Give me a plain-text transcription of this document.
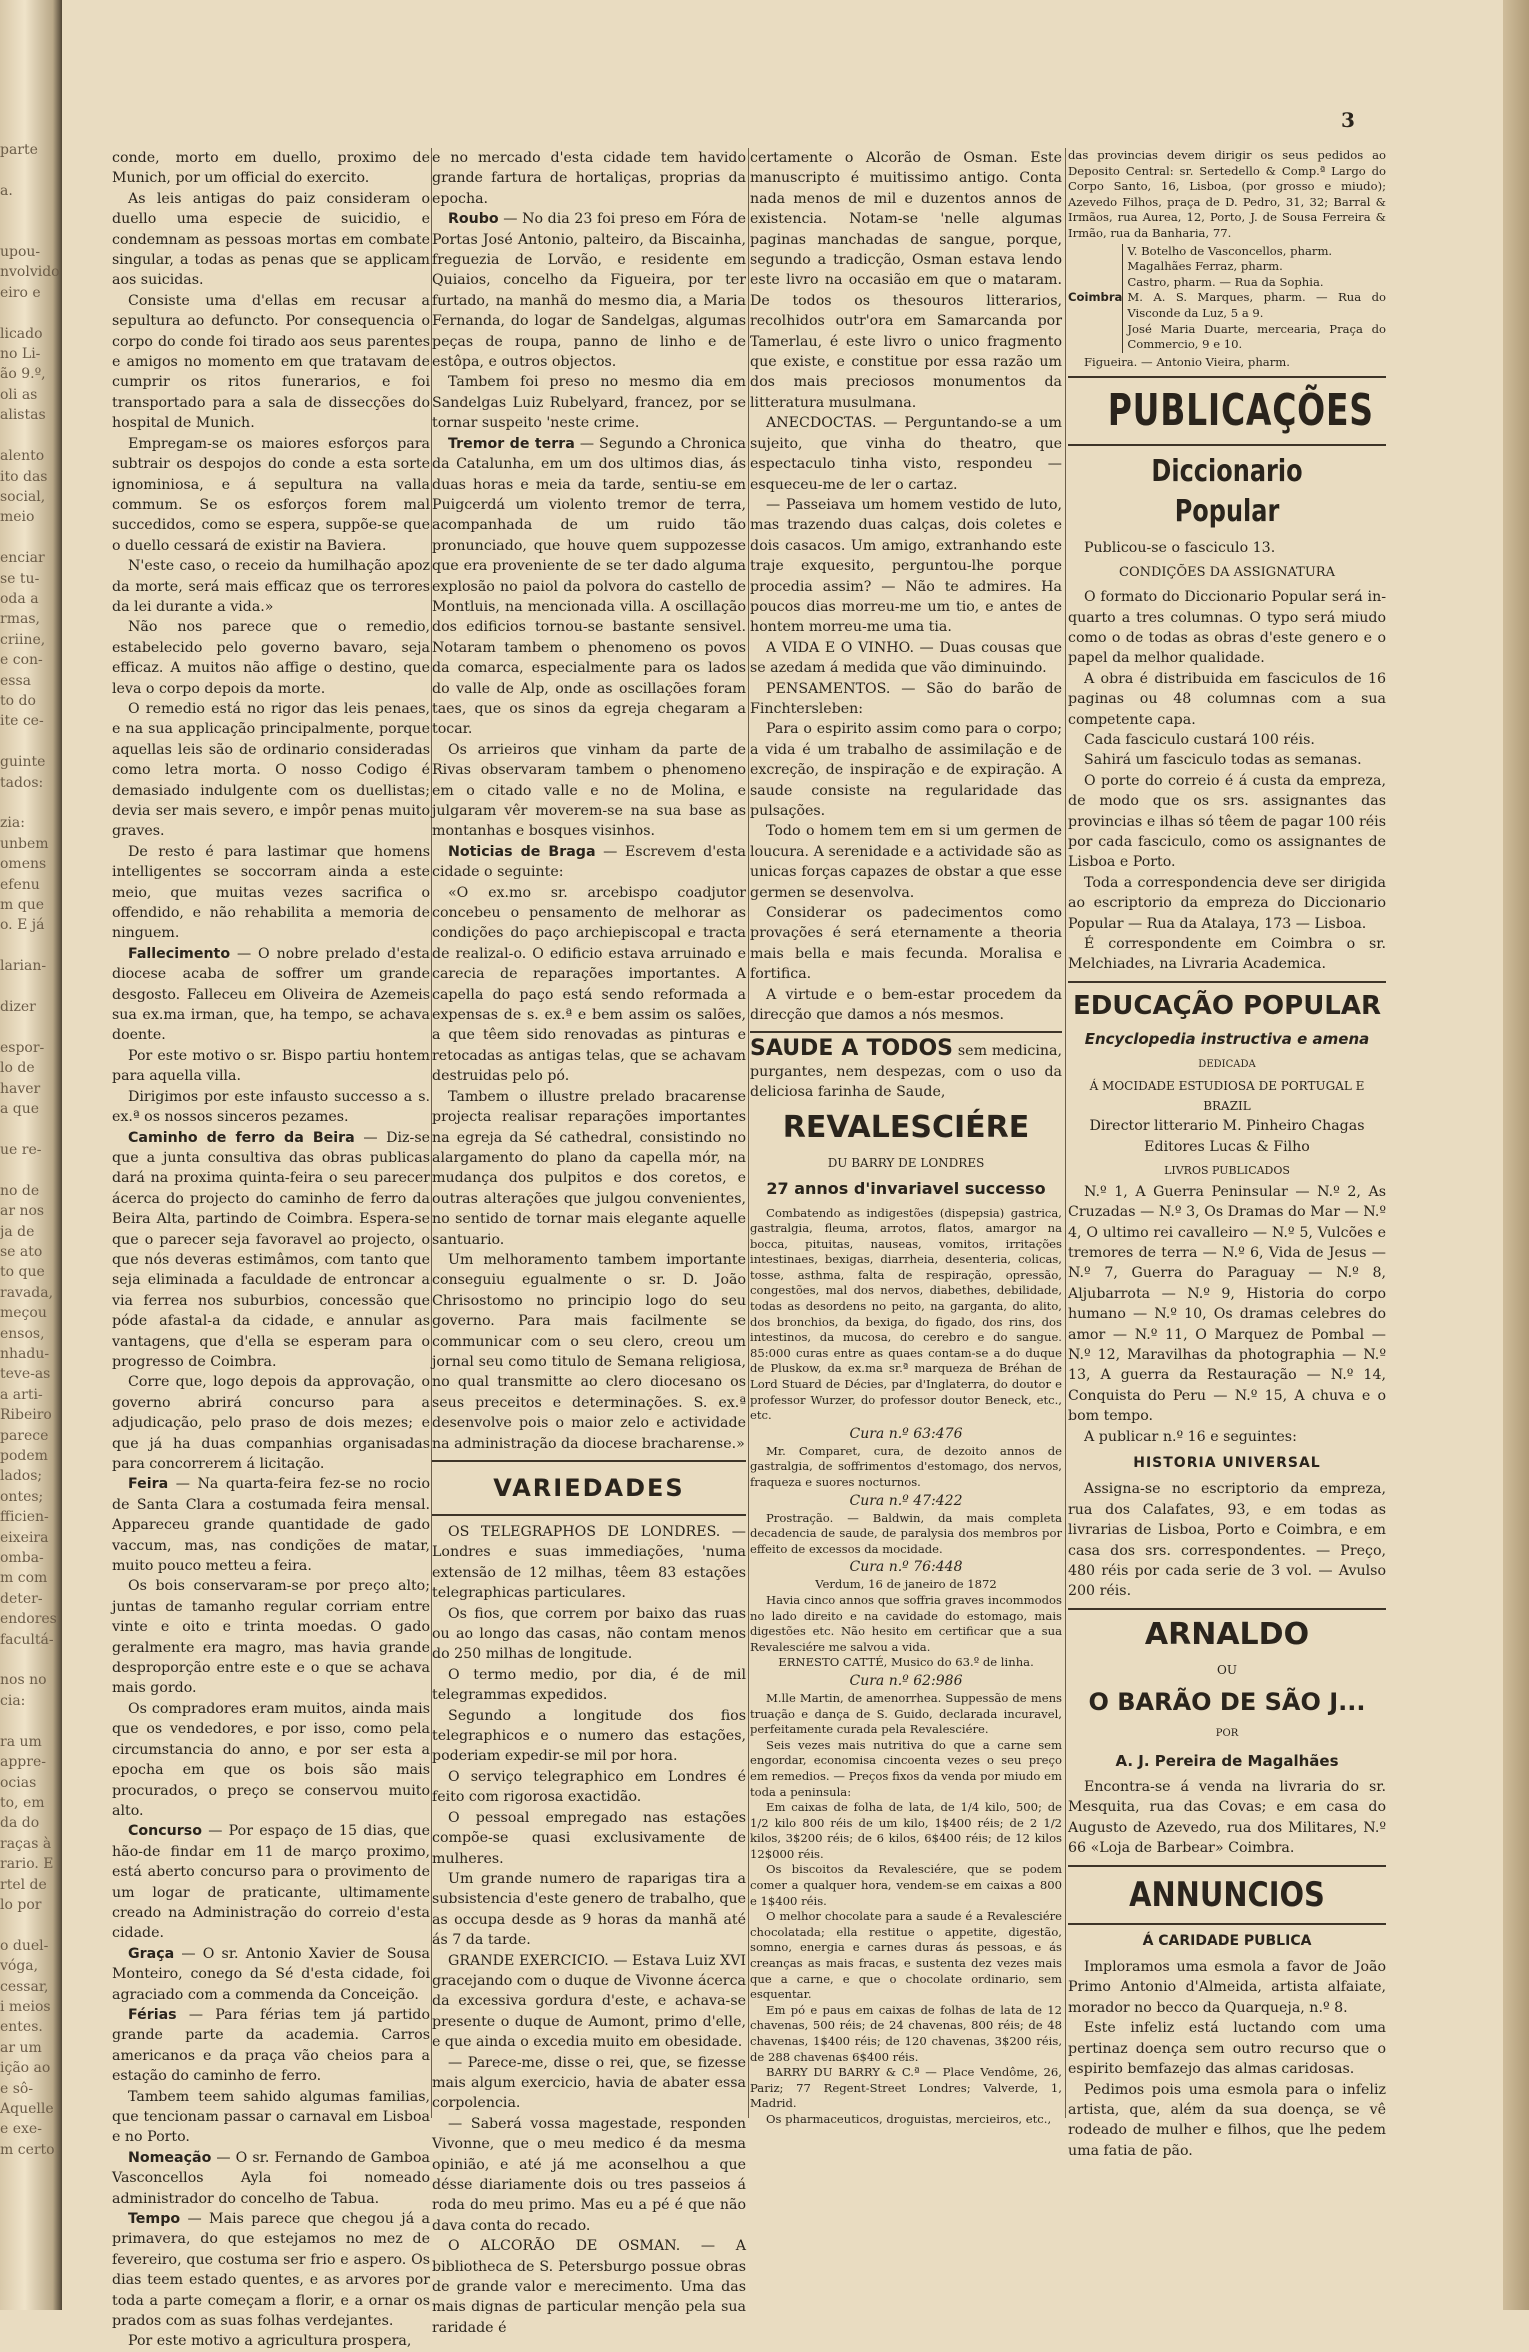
parte

a.

upou-
nvolvido
eiro e

licado
no Li-
ão 9.º,
oli as
alistas

alento
ito das
social,
meio

enciar
se tu-
oda a
rmas,
criine,
e con-
essa
to do
ite ce-

guinte
tados:

zia:
unbem
omens
efenu
m que
o. E já

larian-

dizer

espor-
lo de
haver
a que

ue re-

no de
ar nos
ja de
se ato
to que
ravada,
meçou
ensos,
nhadu-
teve-as
a arti-
Ribeiro
parece
podem
lados;
ontes;
fficien-
eixeira
omba-
m com
deter-
endores
facultá-

nos no
cia:

ra um
appre-
ocias
to, em
da do
raças à
rario. E
rtel de
lo por

o duel-
vóga,
cessar,
i meios
entes.
ar um
ição ao
e sô-
Aquelle
e exe-
m certo
3

conde, morto em duello, proximo de Munich, por um official do exercito.

As leis antigas do paiz consideram o duello uma especie de suicidio, e condemnam as pessoas mortas em combate singular, a todas as penas que se applicam aos suicidas.

Consiste uma d'ellas em recusar a sepultura ao defuncto. Por consequencia o corpo do conde foi tirado aos seus parentes e amigos no momento em que tratavam de cumprir os ritos funerarios, e foi transportado para a sala de dissecções do hospital de Munich.

Empregam-se os maiores esforços para subtrair os despojos do conde a esta sorte ignominiosa, e á sepultura na valla commum. Se os esforços forem mal succedidos, como se espera, suppõe-se que o duello cessará de existir na Baviera.

N'este caso, o receio da humilhação apoz da morte, será mais efficaz que os terrores da lei durante a vida.»

Não nos parece que o remedio, estabelecido pelo governo bavaro, seja efficaz. A muitos não affige o destino, que leva o corpo depois da morte.

O remedio está no rigor das leis penaes, e na sua applicação principalmente, porque aquellas leis são de ordinario consideradas como letra morta. O nosso Codigo é demasiado indulgente com os duellistas; devia ser mais severo, e impôr penas muito graves.

De resto é para lastimar que homens intelligentes se soccorram ainda a este meio, que muitas vezes sacrifica o offendido, e não rehabilita a memoria de ninguem.

Fallecimento — O nobre prelado d'esta diocese acaba de soffrer um grande desgosto. Falleceu em Oliveira de Azemeis sua ex.ma irman, que, ha tempo, se achava doente.

Por este motivo o sr. Bispo partiu hontem para aquella villa.

Dirigimos por este infausto successo a s. ex.ª os nossos sinceros pezames.

Caminho de ferro da Beira — Diz-se que a junta consultiva das obras publicas dará na proxima quinta-feira o seu parecer ácerca do projecto do caminho de ferro da Beira Alta, partindo de Coimbra. Espera-se que o parecer seja favoravel ao projecto, o que nós deveras estimâmos, com tanto que seja eliminada a faculdade de entroncar a via ferrea nos suburbios, concessão que póde afastal-a da cidade, e annular as vantagens, que d'ella se esperam para o progresso de Coimbra.

Corre que, logo depois da approvação, o governo abrirá concurso para a adjudicação, pelo praso de dois mezes; e que já ha duas companhias organisadas para concorrerem á licitação.

Feira — Na quarta-feira fez-se no rocio de Santa Clara a costumada feira mensal. Appareceu grande quantidade de gado vaccum, mas, nas condições de matar, muito pouco metteu a feira.

Os bois conservaram-se por preço alto; juntas de tamanho regular corriam entre vinte e oito e trinta moedas. O gado geralmente era magro, mas havia grande desproporção entre este e o que se achava mais gordo.

Os compradores eram muitos, ainda mais que os vendedores, e por isso, como pela circumstancia do anno, e por ser esta a epocha em que os bois são mais procurados, o preço se conservou muito alto.

Concurso — Por espaço de 15 dias, que hão-de findar em 11 de março proximo, está aberto concurso para o provimento de um logar de praticante, ultimamente creado na Administração do correio d'esta cidade.

Graça — O sr. Antonio Xavier de Sousa Monteiro, conego da Sé d'esta cidade, foi agraciado com a commenda da Conceição.

Férias — Para férias tem já partido grande parte da academia. Carros americanos e da praça vão cheios para a estação do caminho de ferro.

Tambem teem sahido algumas familias, que tencionam passar o carnaval em Lisboa e no Porto.

Nomeação — O sr. Fernando de Gamboa Vasconcellos Ayla foi nomeado administrador do concelho de Tabua.

Tempo — Mais parece que chegou já a primavera, do que estejamos no mez de fevereiro, que costuma ser frio e aspero. Os dias teem estado quentes, e as arvores por toda a parte começam a florir, e a ornar os prados com as suas folhas verdejantes.

Por este motivo a agricultura prospera,

e no mercado d'esta cidade tem havido grande fartura de hortaliças, proprias da epocha.

Roubo — No dia 23 foi preso em Fóra de Portas José Antonio, palteiro, da Biscainha, freguezia de Lorvão, e residente em Quiaios, concelho da Figueira, por ter furtado, na manhã do mesmo dia, a Maria Fernanda, do logar de Sandelgas, algumas peças de roupa, panno de linho e de estôpa, e outros objectos.

Tambem foi preso no mesmo dia em Sandelgas Luiz Rubelyard, francez, por se tornar suspeito 'neste crime.

Tremor de terra — Segundo a Chronica da Catalunha, em um dos ultimos dias, ás duas horas e meia da tarde, sentiu-se em Puigcerdá um violento tremor de terra, acompanhada de um ruido tão pronunciado, que houve quem suppozesse que era proveniente de se ter dado alguma explosão no paiol da polvora do castello de Montluis, na mencionada villa. A oscillação dos edificios tornou-se bastante sensivel. Notaram tambem o phenomeno os povos da comarca, especialmente para os lados do valle de Alp, onde as oscillações foram taes, que os sinos da egreja chegaram a tocar.

Os arrieiros que vinham da parte de Rivas observaram tambem o phenomeno em o citado valle e no de Molina, e julgaram vêr moverem-se na sua base as montanhas e bosques visinhos.

Noticias de Braga — Escrevem d'esta cidade o seguinte:

«O ex.mo sr. arcebispo coadjutor concebeu o pensamento de melhorar as condições do paço archiepiscopal e tracta de realizal-o. O edificio estava arruinado e carecia de reparações importantes. A capella do paço está sendo reformada a expensas de s. ex.ª e bem assim os salões, a que têem sido renovadas as pinturas e retocadas as antigas telas, que se achavam destruidas pelo pó.

Tambem o illustre prelado bracarense projecta realisar reparações importantes na egreja da Sé cathedral, consistindo no alargamento do plano da capella mór, na mudança dos pulpitos e dos coretos, e outras alterações que julgou convenientes, no sentido de tornar mais elegante aquelle santuario.

Um melhoramento tambem importante conseguiu egualmente o sr. D. João Chrisostomo no principio logo do seu governo. Para mais facilmente se communicar com o seu clero, creou um jornal seu como titulo de Semana religiosa, no qual transmitte ao clero diocesano os seus preceitos e determinações. S. ex.ª desenvolve pois o maior zelo e actividade na administração da diocese bracharense.»

VARIEDADES

OS TELEGRAPHOS DE LONDRES. — Londres e suas immediações, 'numa extensão de 12 milhas, têem 83 estações telegraphicas particulares.

Os fios, que correm por baixo das ruas ou ao longo das casas, não contam menos do 250 milhas de longitude.

O termo medio, por dia, é de mil telegrammas expedidos.

Segundo a longitude dos fios telegraphicos e o numero das estações, poderiam expedir-se mil por hora.

O serviço telegraphico em Londres é feito com rigorosa exactidão.

O pessoal empregado nas estações compõe-se quasi exclusivamente de mulheres.

Um grande numero de raparigas tira a subsistencia d'este genero de trabalho, que as occupa desde as 9 horas da manhã até ás 7 da tarde.

GRANDE EXERCICIO. — Estava Luiz XVI gracejando com o duque de Vivonne ácerca da excessiva gordura d'este, e achava-se presente o duque de Aumont, primo d'elle, e que ainda o excedia muito em obesidade.

— Parece-me, disse o rei, que, se fizesse mais algum exercicio, havia de abater essa corpolencia.

— Saberá vossa magestade, responden Vivonne, que o meu medico é da mesma opinião, e até já me aconselhou a que désse diariamente dois ou tres passeios á roda do meu primo. Mas eu a pé é que não dava conta do recado.

O ALCORÃO DE OSMAN. — A bibliotheca de S. Petersburgo possue obras de grande valor e merecimento. Uma das mais dignas de particular menção pela sua raridade é

certamente o Alcorão de Osman. Este manuscripto é muitissimo antigo. Conta nada menos de mil e duzentos annos de existencia. Notam-se 'nelle algumas paginas manchadas de sangue, porque, segundo a tradicção, Osman estava lendo este livro na occasião em que o mataram. De todos os thesouros litterarios, recolhidos outr'ora em Samarcanda por Tamerlau, é este livro o unico fragmento que existe, e constitue por essa razão um dos mais preciosos monumentos da litteratura musulmana.

ANECDOCTAS. — Perguntando-se a um sujeito, que vinha do theatro, que espectaculo tinha visto, respondeu — esqueceu-me de ler o cartaz.

— Passeiava um homem vestido de luto, mas trazendo duas calças, dois coletes e dois casacos. Um amigo, extranhando este traje exquesito, perguntou-lhe porque procedia assim? — Não te admires. Ha poucos dias morreu-me um tio, e antes de hontem morreu-me uma tia.

A VIDA E O VINHO. — Duas cousas que se azedam á medida que vão diminuindo.

PENSAMENTOS. — São do barão de Finchtersleben:

Para o espirito assim como para o corpo; a vida é um trabalho de assimilação e de excreção, de inspiração e de expiração. A saude consiste na regularidade das pulsações.

Todo o homem tem em si um germen de loucura. A serenidade e a actividade são as unicas forças capazes de obstar a que esse germen se desenvolva.

Considerar os padecimentos como provações é será eternamente a theoria mais bella e mais fecunda. Moralisa e fortifica.

A virtude e o bem-estar procedem da direcção que damos a nós mesmos.

SAUDE A TODOS sem medicina, purgantes, nem despezas, com o uso da deliciosa farinha de Saude,

REVALESCIÉRE
DU BARRY DE LONDRES
27 annos d'invariavel successo

Combatendo as indigestões (dispepsia) gastrica, gastralgia, fleuma, arrotos, flatos, amargor na bocca, pituitas, nauseas, vomitos, irritações intestinaes, bexigas, diarrheia, desenteria, colicas, tosse, asthma, falta de respiração, opressão, congestões, mal dos nervos, diabethes, debilidade, todas as desordens no peito, na garganta, do alito, dos bronchios, da bexiga, do figado, dos rins, dos intestinos, da mucosa, do cerebro e do sangue. 85:000 curas entre as quaes contam-se a do duque de Pluskow, da ex.ma sr.ª marqueza de Bréhan de Lord Stuard de Décies, par d'Inglaterra, do doutor e professor Wurzer, do professor doutor Beneck, etc., etc.

Cura n.º 63:476

Mr. Comparet, cura, de dezoito annos de gastralgia, de soffrimentos d'estomago, dos nervos, fraqueza e suores nocturnos.

Cura n.º 47:422

Prostração. — Baldwin, da mais completa decadencia de saude, de paralysia dos membros por effeito de excessos da mocidade.

Cura n.º 76:448

Verdum, 16 de janeiro de 1872

Havia cinco annos que soffria graves incommodos no lado direito e na cavidade do estomago, mais digestões etc. Não hesito em certificar que a sua Revalesciére me salvou a vida.

ERNESTO CATTÉ, Musico do 63.º de linha.

Cura n.º 62:986

M.lle Martin, de amenorrhea. Suppessão de mens truação e dança de S. Guido, declarada incuravel, perfeitamente curada pela Revalesciére.

Seis vezes mais nutritiva do que a carne sem engordar, economisa cincoenta vezes o seu preço em remedios. — Preços fixos da venda por miudo em toda a peninsula:

Em caixas de folha de lata, de 1/4 kilo, 500; de 1/2 kilo 800 réis de um kilo, 1$400 réis; de 2 1/2 kilos, 3$200 réis; de 6 kilos, 6$400 réis; de 12 kilos 12$000 réis.

Os biscoitos da Revalesciére, que se podem comer a qualquer hora, vendem-se em caixas a 800 e 1$400 réis.

O melhor chocolate para a saude é a Revalesciére chocolatada; ella restitue o appetite, digestão, somno, energia e carnes duras ás pessoas, e ás creanças as mais fracas, e sustenta dez vezes mais que a carne, e que o chocolate ordinario, sem esquentar.

Em pó e paus em caixas de folhas de lata de 12 chavenas, 500 réis; de 24 chavenas, 800 réis; de 48 chavenas, 1$400 réis; de 120 chavenas, 3$200 réis, de 288 chavenas 6$400 réis.

BARRY DU BARRY & C.ª — Place Vendôme, 26, Pariz; 77 Regent-Street Londres; Valverde, 1, Madrid.

Os pharmaceuticos, droguistas, mercieiros, etc.,

das provincias devem dirigir os seus pedidos ao Deposito Central: sr. Sertedello & Comp.ª Largo do Corpo Santo, 16, Lisboa, (por grosso e miudo); Azevedo Filhos, praça de D. Pedro, 31, 32; Barral & Irmãos, rua Aurea, 12, Porto, J. de Sousa Ferreira & Irmão, rua da Banharia, 77.

Coimbra
V. Botelho de Vasconcellos, pharm.
Magalhães Ferraz, pharm.
Castro, pharm. — Rua da Sophia.
M. A. S. Marques, pharm. — Rua do Visconde da Luz, 5 a 9.
José Maria Duarte, mercearia, Praça do Commercio, 9 e 10.

Figueira. — Antonio Vieira, pharm.

PUBLICAÇÕES
Diccionario Popular

Publicou-se o fasciculo 13.

CONDIÇÕES DA ASSIGNATURA

O formato do Diccionario Popular será in-quarto a tres columnas. O typo será miudo como o de todas as obras d'este genero e o papel da melhor qualidade.

A obra é distribuida em fasciculos de 16 paginas ou 48 columnas com a sua competente capa.

Cada fasciculo custará 100 réis.

Sahirá um fasciculo todas as semanas.

O porte do correio é á custa da empreza, de modo que os srs. assignantes das provincias e ilhas só têem de pagar 100 réis por cada fasciculo, como os assignantes de Lisboa e Porto.

Toda a correspondencia deve ser dirigida ao escriptorio da empreza do Diccionario Popular — Rua da Atalaya, 173 — Lisboa.

É correspondente em Coimbra o sr. Melchiades, na Livraria Academica.

EDUCAÇÃO POPULAR
Encyclopedia instructiva e amena
DEDICADA
Á MOCIDADE ESTUDIOSA DE PORTUGAL E BRAZIL
Director litterario M. Pinheiro Chagas
Editores Lucas & Filho
LIVROS PUBLICADOS

N.º 1, A Guerra Peninsular — N.º 2, As Cruzadas — N.º 3, Os Dramas do Mar — N.º 4, O ultimo rei cavalleiro — N.º 5, Vulcões e tremores de terra — N.º 6, Vida de Jesus — N.º 7, Guerra do Paraguay — N.º 8, Aljubarrota — N.º 9, Historia do corpo humano — N.º 10, Os dramas celebres do amor — N.º 11, O Marquez de Pombal — N.º 12, Maravilhas da photographia — N.º 13, A guerra da Restauração — N.º 14, Conquista do Peru — N.º 15, A chuva e o bom tempo.

A publicar n.º 16 e seguintes:

HISTORIA UNIVERSAL

Assigna-se no escriptorio da empreza, rua dos Calafates, 93, e em todas as livrarias de Lisboa, Porto e Coimbra, e em casa dos srs. correspondentes. — Preço, 480 réis por cada serie de 3 vol. — Avulso 200 réis.

ARNALDO
OU
O BARÃO DE SÃO J...
POR
A. J. Pereira de Magalhães

Encontra-se á venda na livraria do sr. Mesquita, rua das Covas; e em casa do Augusto de Azevedo, rua dos Militares, N.º 66 «Loja de Barbear» Coimbra.

ANNUNCIOS
Á CARIDADE PUBLICA

Imploramos uma esmola a favor de João Primo Antonio d'Almeida, artista alfaiate, morador no becco da Quarqueja, n.º 8.

Este infeliz está luctando com uma pertinaz doença sem outro recurso que o espirito bemfazejo das almas caridosas.

Pedimos pois uma esmola para o infeliz artista, que, além da sua doença, se vê rodeado de mulher e filhos, que lhe pedem uma fatia de pão.
